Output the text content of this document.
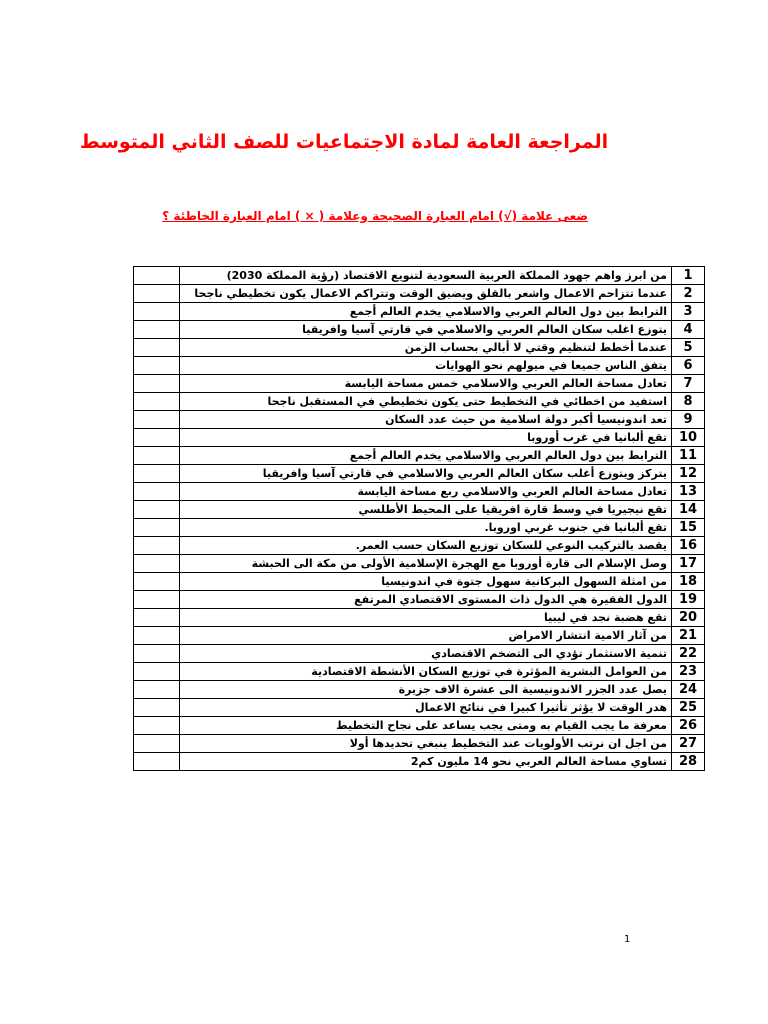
المراجعة العامة لمادة الاجتماعيات للصف الثاني المتوسط
ضعى علامة (√) امام العبارة الصحيحة وعلامة ( × ) امام العبارة الخاطئة ؟
1	من ابرز واهم جهود المملكة العربية السعودية لتنويع الاقتصاد (رؤية المملكة 2030)	
2	عندما تتزاحم الاعمال واشعر بالقلق ويضيق الوقت وتتراكم الاعمال يكون تخطيطي ناجحا	
3	الترابط بين دول العالم العربي والاسلامي يخدم العالم أجمع	
4	يتوزع اغلب سكان العالم العربي والاسلامي في قارتي آسيا وافريقيا	
5	عندما أخطط لتنظيم وقتي لا أبالي بحساب الزمن	
6	يتفق الناس جميعا في ميولهم نحو الهوايات	
7	تعادل مساحة العالم العربي والاسلامي خمس مساحة اليابسة	
8	استفيد من اخطائي في التخطيط حتى يكون تخطيطي في المستقبل ناجحا	
9	تعد اندونيسيا أكبر دولة اسلامية من حيث عدد السكان	
10	تقع ألبانيا في غرب أوروبا	
11	الترابط بين دول العالم العربي والاسلامي يخدم العالم أجمع	
12	يتركز ويتوزع أغلب سكان العالم العربي والاسلامي في قارتي آسيا وافريقيا	
13	تعادل مساحة العالم العربي والاسلامي ربع مساحة اليابسة	
14	تقع نيجيريا في وسط قارة افريقيا على المحيط الأطلسي	
15	تقع ألبانيا في جنوب غربي اوروبا.	
16	يقصد بالتركيب النوعي للسكان توزيع السكان حسب العمر.	
17	وصل الإسلام الى قارة أوروبا مع الهجرة الإسلامية الأولى من مكة الى الحبشة	
18	من امثلة السهول البركانية سهول جتوة في اندونيسيا	
19	الدول الفقيرة هي الدول ذات المستوى الاقتصادي المرتفع	
20	تقع هضبة نجد في ليبيا	
21	من آثار الامية انتشار الامراض	
22	تنمية الاستثمار تؤدي الى التضخم الاقتصادي	
23	من العوامل البشرية المؤثرة في توزيع السكان الأنشطة الاقتصادية	
24	يصل عدد الجزر الاندونيسية الى عشرة الاف جزيرة	
25	هدر الوقت لا يؤثر تأثيرا كبيرا في نتائج الاعمال	
26	معرفة ما يجب القيام به ومتى يجب يساعد على نجاح التخطيط	
27	من اجل ان نرتب الأولويات عند التخطيط ينبغي تحديدها أولا	
28	تساوي مساحة العالم العربي نحو 14 مليون كم2	
1
